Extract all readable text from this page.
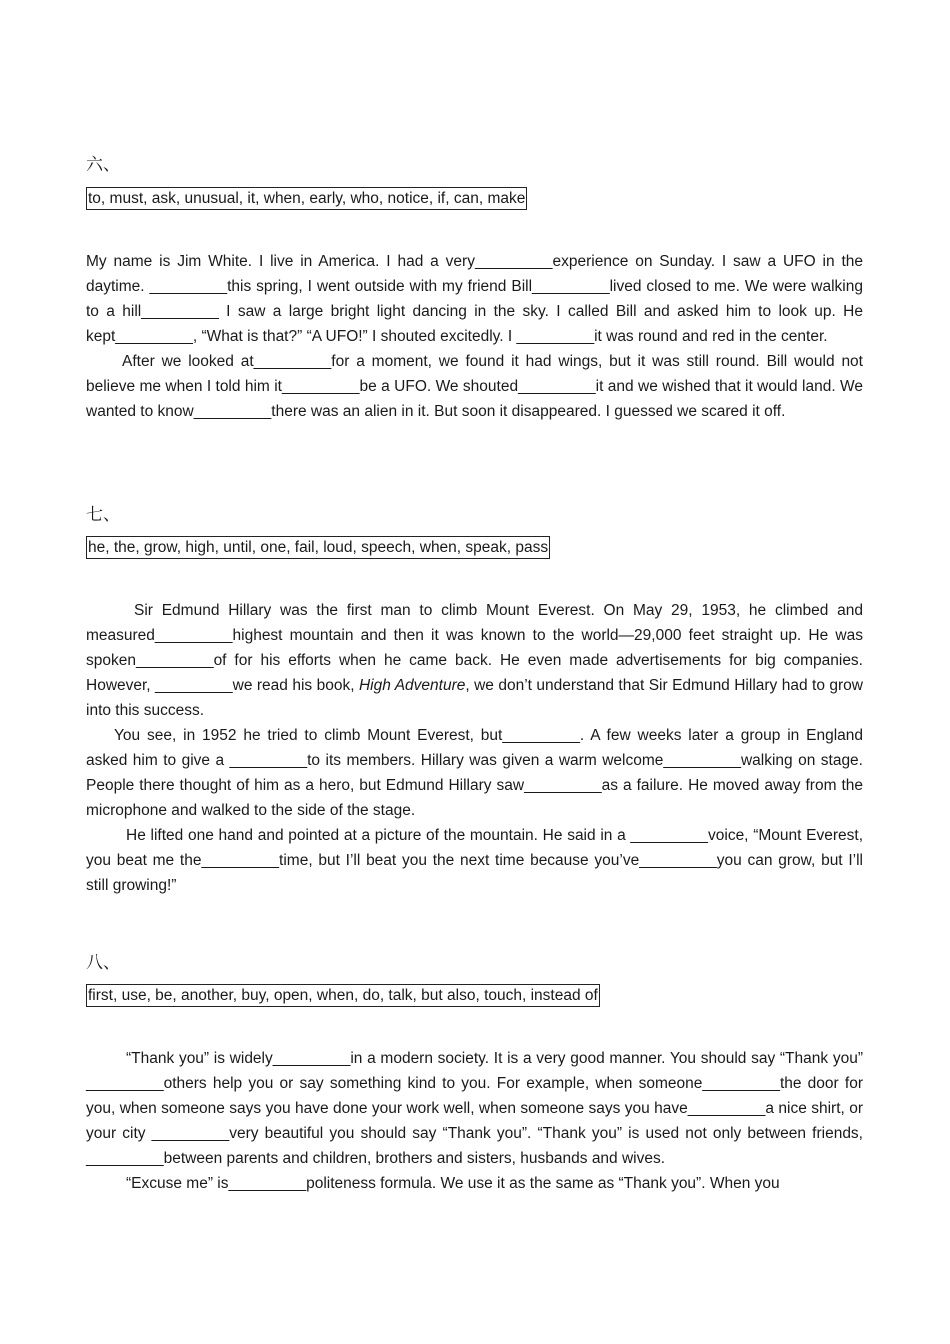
六、
to, must, ask, unusual, it, when, early, who, notice, if, can, make

My name is Jim White. I live in America. I had a very_________experience on Sunday. I saw a UFO in the daytime. _________this spring, I went outside with my friend Bill_________lived closed to me. We were walking to a hill_________ I saw a large bright light dancing in the sky. I called Bill and asked him to look up. He kept_________, “What is that?” “A UFO!” I shouted excitedly. I _________it was round and red in the center.

After we looked at_________for a moment, we found it had wings, but it was still round. Bill would not believe me when I told him it_________be a UFO. We shouted_________it and we wished that it would land. We wanted to know_________there was an alien in it. But soon it disappeared. I guessed we scared it off.

七、
he, the, grow, high, until, one, fail, loud, speech, when, speak, pass

Sir Edmund Hillary was the first man to climb Mount Everest. On May 29, 1953, he climbed and measured_________highest mountain and then it was known to the world—29,000 feet straight up. He was spoken_________of for his efforts when he came back. He even made advertisements for big companies. However, _________we read his book, High Adventure, we don’t understand that Sir Edmund Hillary had to grow into this success.

You see, in 1952 he tried to climb Mount Everest, but_________. A few weeks later a group in England asked him to give a _________to its members. Hillary was given a warm welcome_________walking on stage. People there thought of him as a hero, but Edmund Hillary saw_________as a failure. He moved away from the microphone and walked to the side of the stage.

He lifted one hand and pointed at a picture of the mountain. He said in a _________voice, “Mount Everest, you beat me the_________time, but I’ll beat you the next time because you’ve_________you can grow, but I’ll still growing!”

八、
first, use, be, another, buy, open, when, do, talk, but also, touch, instead of

“Thank you” is widely_________in a modern society. It is a very good manner. You should say “Thank you” _________others help you or say something kind to you. For example, when someone_________the door for you, when someone says you have done your work well, when someone says you have_________a nice shirt, or your city _________very beautiful you should say “Thank you”. “Thank you” is used not only between friends, _________between parents and children, brothers and sisters, husbands and wives.

“Excuse me” is_________politeness formula. We use it as the same as “Thank you”. When you
